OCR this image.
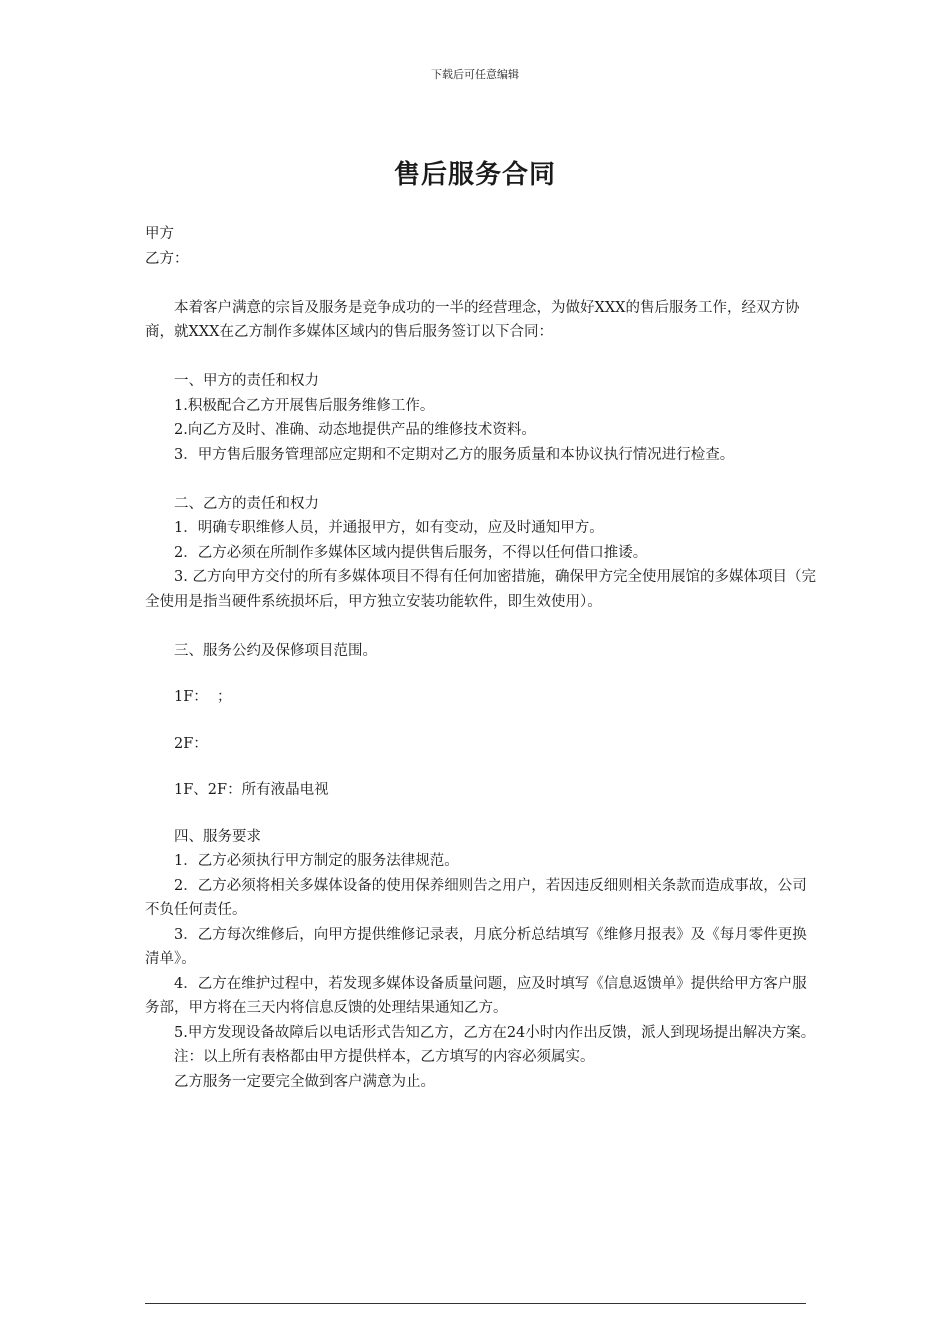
下载后可任意编辑
售后服务合同

甲方

乙方：

本着客户满意的宗旨及服务是竞争成功的一半的经营理念，为做好XXX的售后服务工作，经双方协商，就XXX在乙方制作多媒体区域内的售后服务签订以下合同：

一、甲方的责任和权力

1.积极配合乙方开展售后服务维修工作。

2.向乙方及时、准确、动态地提供产品的维修技术资料。

3．甲方售后服务管理部应定期和不定期对乙方的服务质量和本协议执行情况进行检查。

二、乙方的责任和权力

1．明确专职维修人员，并通报甲方，如有变动，应及时通知甲方。

2．乙方必须在所制作多媒体区域内提供售后服务，不得以任何借口推诿。

3. 乙方向甲方交付的所有多媒体项目不得有任何加密措施，确保甲方完全使用展馆的多媒体项目（完全使用是指当硬件系统损坏后，甲方独立安装功能软件，即生效使用）。

三、服务公约及保修项目范围。

1F：  ；

2F：

1F、2F：所有液晶电视

四、服务要求

1．乙方必须执行甲方制定的服务法律规范。

2．乙方必须将相关多媒体设备的使用保养细则告之用户，若因违反细则相关条款而造成事故，公司不负任何责任。

3．乙方每次维修后，向甲方提供维修记录表，月底分析总结填写《维修月报表》及《每月零件更换清单》。

4．乙方在维护过程中，若发现多媒体设备质量问题，应及时填写《信息返馈单》提供给甲方客户服务部，甲方将在三天内将信息反馈的处理结果通知乙方。

5.甲方发现设备故障后以电话形式告知乙方，乙方在24小时内作出反馈，派人到现场提出解决方案。

注：以上所有表格都由甲方提供样本，乙方填写的内容必须属实。

乙方服务一定要完全做到客户满意为止。
